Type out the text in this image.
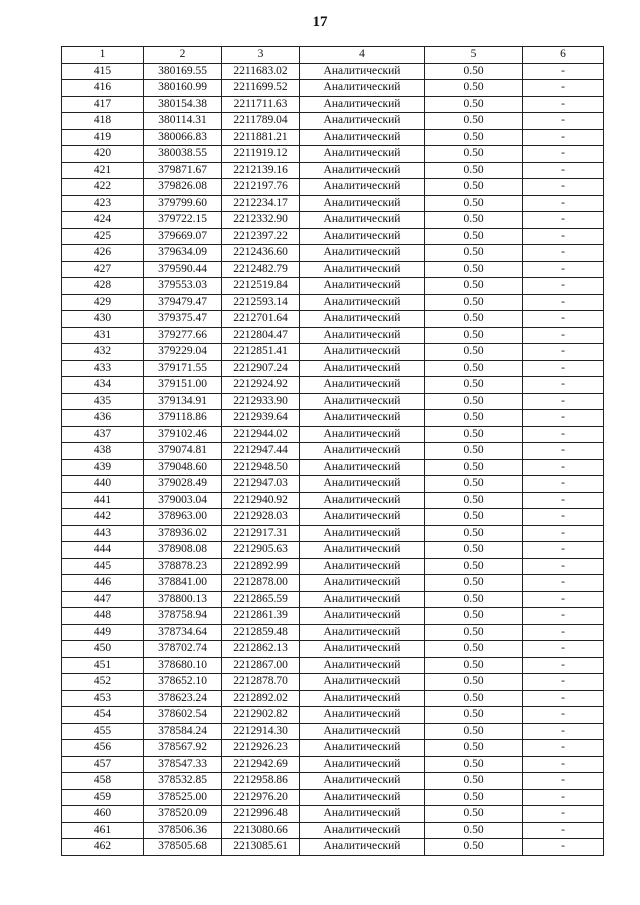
17
1	2	3	4	5	6
415	380169.55	2211683.02	Аналитический	0.50	-
416	380160.99	2211699.52	Аналитический	0.50	-
417	380154.38	2211711.63	Аналитический	0.50	-
418	380114.31	2211789.04	Аналитический	0.50	-
419	380066.83	2211881.21	Аналитический	0.50	-
420	380038.55	2211919.12	Аналитический	0.50	-
421	379871.67	2212139.16	Аналитический	0.50	-
422	379826.08	2212197.76	Аналитический	0.50	-
423	379799.60	2212234.17	Аналитический	0.50	-
424	379722.15	2212332.90	Аналитический	0.50	-
425	379669.07	2212397.22	Аналитический	0.50	-
426	379634.09	2212436.60	Аналитический	0.50	-
427	379590.44	2212482.79	Аналитический	0.50	-
428	379553.03	2212519.84	Аналитический	0.50	-
429	379479.47	2212593.14	Аналитический	0.50	-
430	379375.47	2212701.64	Аналитический	0.50	-
431	379277.66	2212804.47	Аналитический	0.50	-
432	379229.04	2212851.41	Аналитический	0.50	-
433	379171.55	2212907.24	Аналитический	0.50	-
434	379151.00	2212924.92	Аналитический	0.50	-
435	379134.91	2212933.90	Аналитический	0.50	-
436	379118.86	2212939.64	Аналитический	0.50	-
437	379102.46	2212944.02	Аналитический	0.50	-
438	379074.81	2212947.44	Аналитический	0.50	-
439	379048.60	2212948.50	Аналитический	0.50	-
440	379028.49	2212947.03	Аналитический	0.50	-
441	379003.04	2212940.92	Аналитический	0.50	-
442	378963.00	2212928.03	Аналитический	0.50	-
443	378936.02	2212917.31	Аналитический	0.50	-
444	378908.08	2212905.63	Аналитический	0.50	-
445	378878.23	2212892.99	Аналитический	0.50	-
446	378841.00	2212878.00	Аналитический	0.50	-
447	378800.13	2212865.59	Аналитический	0.50	-
448	378758.94	2212861.39	Аналитический	0.50	-
449	378734.64	2212859.48	Аналитический	0.50	-
450	378702.74	2212862.13	Аналитический	0.50	-
451	378680.10	2212867.00	Аналитический	0.50	-
452	378652.10	2212878.70	Аналитический	0.50	-
453	378623.24	2212892.02	Аналитический	0.50	-
454	378602.54	2212902.82	Аналитический	0.50	-
455	378584.24	2212914.30	Аналитический	0.50	-
456	378567.92	2212926.23	Аналитический	0.50	-
457	378547.33	2212942.69	Аналитический	0.50	-
458	378532.85	2212958.86	Аналитический	0.50	-
459	378525.00	2212976.20	Аналитический	0.50	-
460	378520.09	2212996.48	Аналитический	0.50	-
461	378506.36	2213080.66	Аналитический	0.50	-
462	378505.68	2213085.61	Аналитический	0.50	-
